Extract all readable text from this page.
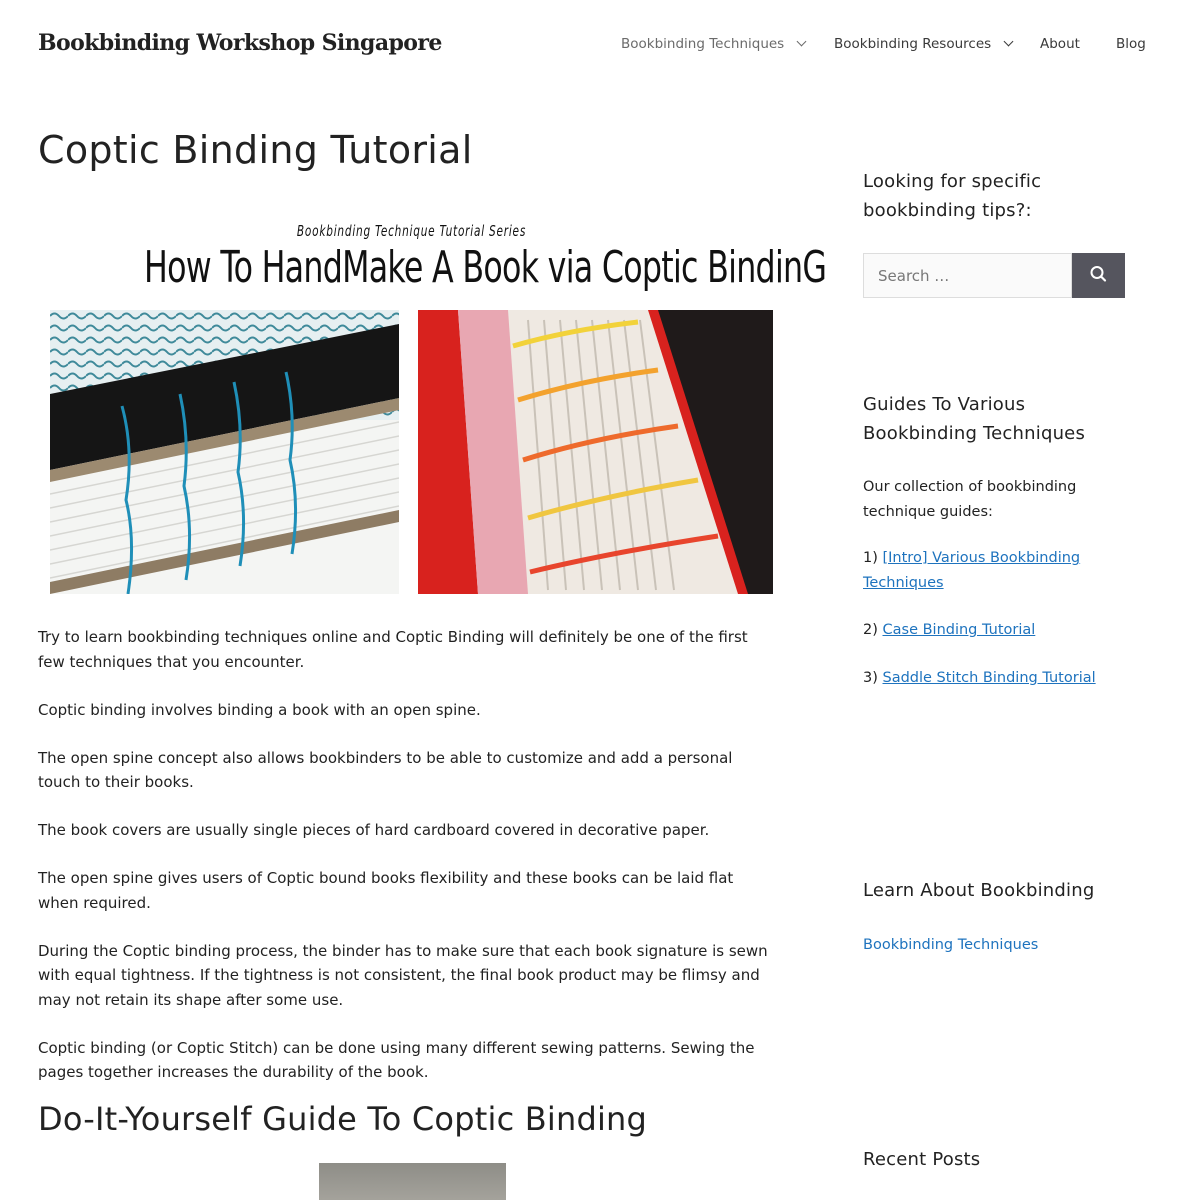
Bookbinding Workshop Singapore	Bookbinding Techniques	Bookbinding Resources	About	Blog
Coptic Binding Tutorial
Bookbinding Technique Tutorial Series
How To HandMake A Book via Coptic BindinG

Try to learn bookbinding techniques online and Coptic Binding will definitely be one of the first few techniques that you encounter.

Coptic binding involves binding a book with an open spine.

The open spine concept also allows bookbinders to be able to customize and add a personal touch to their books.

The book covers are usually single pieces of hard cardboard covered in decorative paper.

The open spine gives users of Coptic bound books flexibility and these books can be laid flat when required.

During the Coptic binding process, the binder has to make sure that each book signature is sewn with equal tightness. If the tightness is not consistent, the final book product may be flimsy and may not retain its shape after some use.

Coptic binding (or Coptic Stitch) can be done using many different sewing patterns. Sewing the pages together increases the durability of the book.

Do-It-Yourself Guide To Coptic Binding
Looking for specific bookbinding tips?:
Search …
Guides To Various Bookbinding Techniques

Our collection of bookbinding technique guides:

1) [Intro] Various Bookbinding Techniques

2) Case Binding Tutorial

3) Saddle Stitch Binding Tutorial

Learn About Bookbinding

Bookbinding Techniques

Recent Posts
